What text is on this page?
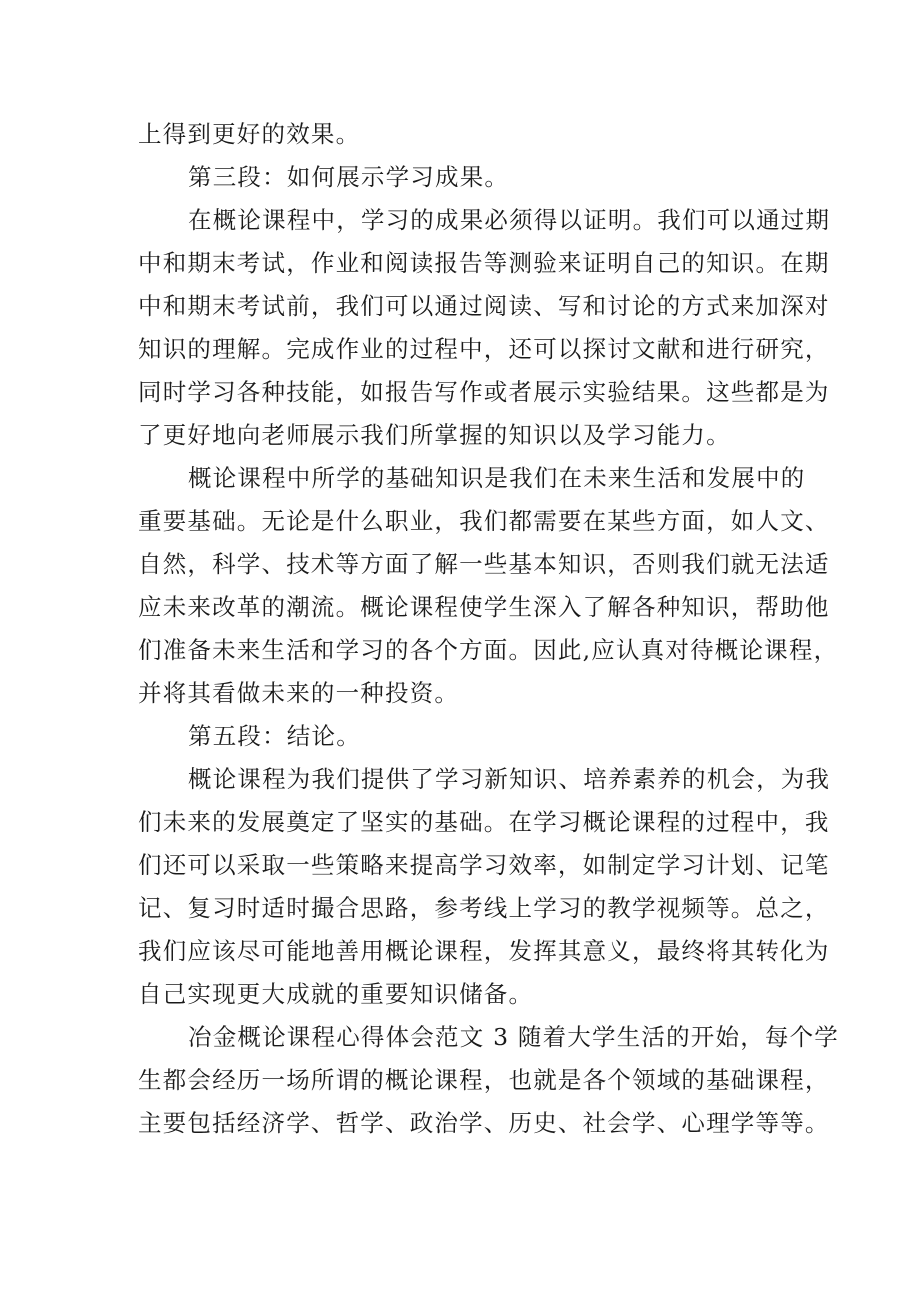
上得到更好的效果。
第三段：如何展示学习成果。
在概论课程中，学习的成果必须得以证明。我们可以通过期
中和期末考试，作业和阅读报告等测验来证明自己的知识。在期
中和期末考试前，我们可以通过阅读、写和讨论的方式来加深对
知识的理解。完成作业的过程中，还可以探讨文献和进行研究，
同时学习各种技能，如报告写作或者展示实验结果。这些都是为
了更好地向老师展示我们所掌握的知识以及学习能力。
概论课程中所学的基础知识是我们在未来生活和发展中的
重要基础。无论是什么职业，我们都需要在某些方面，如人文、
自然，科学、技术等方面了解一些基本知识，否则我们就无法适
应未来改革的潮流。概论课程使学生深入了解各种知识，帮助他
们准备未来生活和学习的各个方面。因此,应认真对待概论课程，
并将其看做未来的一种投资。
第五段：结论。
概论课程为我们提供了学习新知识、培养素养的机会，为我
们未来的发展奠定了坚实的基础。在学习概论课程的过程中，我
们还可以采取一些策略来提高学习效率，如制定学习计划、记笔
记、复习时适时撮合思路，参考线上学习的教学视频等。总之，
我们应该尽可能地善用概论课程，发挥其意义，最终将其转化为
自己实现更大成就的重要知识储备。
冶金概论课程心得体会范文 3 随着大学生活的开始，每个学
生都会经历一场所谓的概论课程，也就是各个领域的基础课程，
主要包括经济学、哲学、政治学、历史、社会学、心理学等等。
